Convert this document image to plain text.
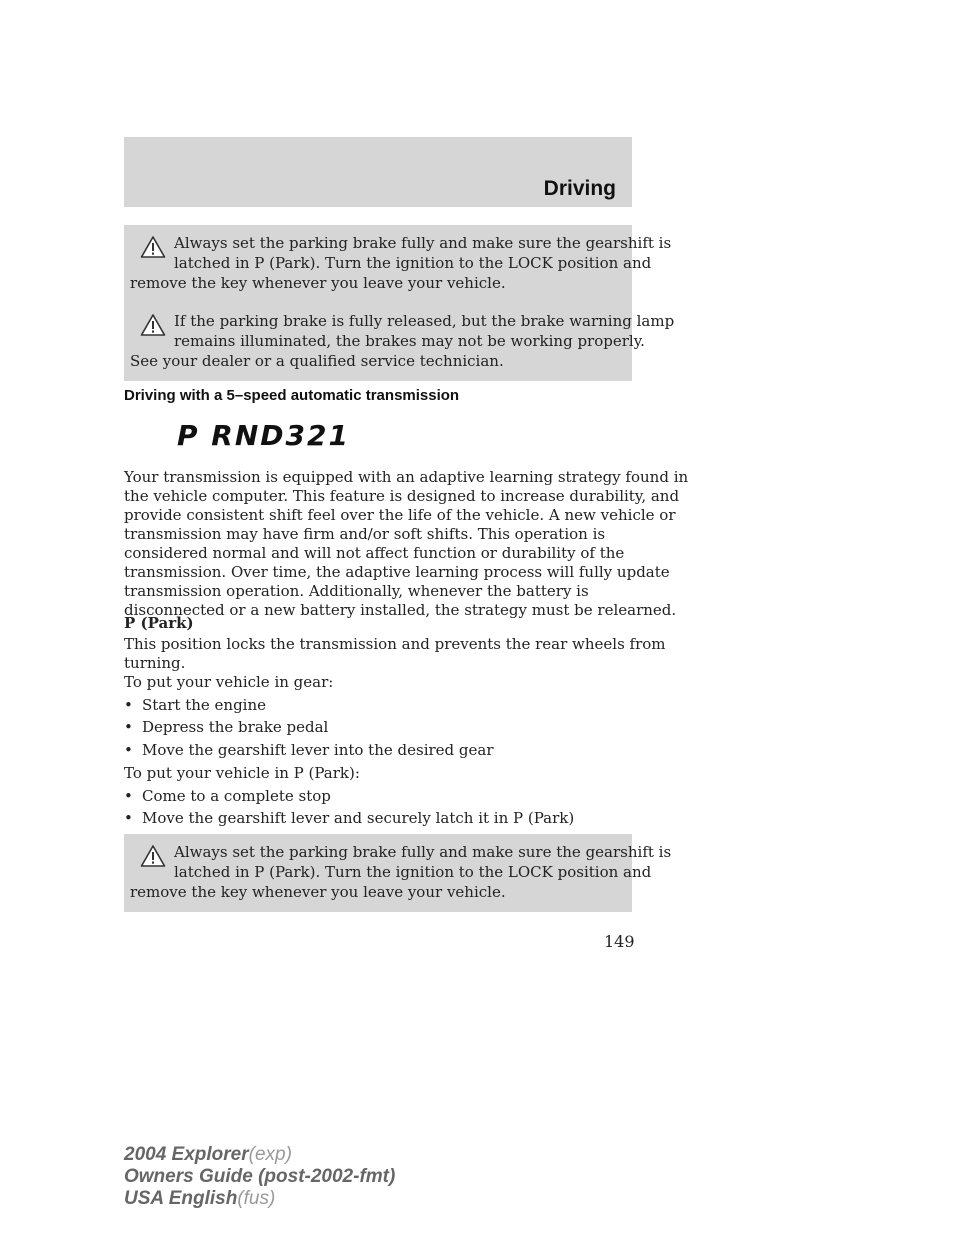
Driving
Always set the parking brake fully and make sure the gearshift is
latched in P (Park). Turn the ignition to the LOCK position and
remove the key whenever you leave your vehicle.
If the parking brake is fully released, but the brake warning lamp
remains illuminated, the brakes may not be working properly.
See your dealer or a qualified service technician.
Driving with a 5–speed automatic transmission
P RND321
Your transmission is equipped with an adaptive learning strategy found in
the vehicle computer. This feature is designed to increase durability, and
provide consistent shift feel over the life of the vehicle. A new vehicle or
transmission may have firm and/or soft shifts. This operation is
considered normal and will not affect function or durability of the
transmission. Over time, the adaptive learning process will fully update
transmission operation. Additionally, whenever the battery is
disconnected or a new battery installed, the strategy must be relearned.
P (Park)
This position locks the transmission and prevents the rear wheels from
turning.
To put your vehicle in gear:
• Start the engine
• Depress the brake pedal
• Move the gearshift lever into the desired gear
To put your vehicle in P (Park):
• Come to a complete stop
• Move the gearshift lever and securely latch it in P (Park)
Always set the parking brake fully and make sure the gearshift is
latched in P (Park). Turn the ignition to the LOCK position and
remove the key whenever you leave your vehicle.
149
2004 Explorer(exp)
Owners Guide (post-2002-fmt)
USA English(fus)
